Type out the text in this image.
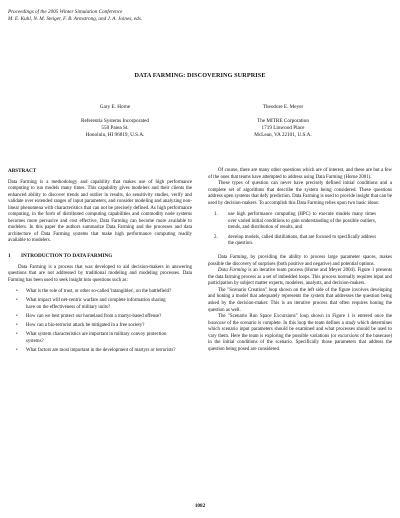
Proceedings of the 2005 Winter Simulation Conference
M. E. Kuhl, N. M. Steiger, F. B. Armstrong, and J. A. Joines, eds.
DATA FARMING: DISCOVERING SURPRISE
Gary E. Horne
Referentia Systems Incorporated
550 Paiea St.
Honolulu, HI 96819, U.S.A.
Theodore E. Meyer
The MITRE Corporation
1719 Linwood Place
McLean, VA 22101, U.S.A.

ABSTRACT

Data Farming is a methodology and capability that makes use of high performance computing to run models many times. This capability gives modelers and their clients the enhanced ability to discover trends and outlier in results, do sensitivity studies, verify and validate over extended ranges of input parameters, and consider modeling and analyzing non-linear phenomena with characteristics that can not be precisely defined. As high performance computing, in the form of distributed computing capabilities and commodity node systems becomes more pervasive and cost effective, Data Farming can become more available to modelers. In this paper the authors summarize Data Farming and the processes and data architecture of Data Farming systems that make high performance computing readily available to modelers.

1        INTRODUCTION TO DATA FARMING

Data Farming is a process that was developed to aid decision-makers in answering questions that are not addressed by traditional modeling and modeling processes. Data Farming has been used to seek insight into questions such as:

• What is the role of trust, or other so-called 'intangibles', on the battlefield?
• What impact will net-centric warfare and complete information sharing have on the effectiveness of military units?
• How can we best protect our homeland from a martyr-based offense?
• How can a bio-terrorist attack be mitigated in a free society?
• What system characteristics are important in military convoy protection systems?
• What factors are most important in the development of martyrs or terrorists?

Of course, there are many other questions which are of interest, and these are but a few of the ones that teams have attempted to address using Data Farming (Horne 2001).

These types of question can never have precisely defined initial conditions and a complete set of algorithms that describe the system being considered. These questions address open systems that defy prediction. Data Farming is used to provide insight that can be used by decision-makers. To accomplish this Data Farming relies upon two basic ideas:

1. use high performance computing (HPC) to execute models many times over varied initial conditions to gain understanding of the possible outliers, trends, and distribution of results, and
2. develop models, called distillations, that are focused to specifically address the question.

Data Farming, by providing the ability to process large parameter spaces, makes possible the discovery of surprises (both positive and negative) and potential options.

Data Farming is an iterative team process (Horne and Meyer 2004). Figure 1 presents the data farming process as a set of imbedded loops. This process normally requires input and participation by subject matter experts, modelers, analysts, and decision-makers.

The "Scenario Creation" loop shown on the left side of the figure involves developing and honing a model that adequately represents the system that addresses the question being asked by the decision-maker. This is an iterative process that often requires honing the question as well.

The "Scenario Run Space Excursions" loop shown in Figure 1 is entered once the basecase of the scenario is complete. In this loop the team defines a study which determines which scenario input parameters should be examined and what processes should be used to vary them. Here the team is exploring the possible variations (or excursions of the basecase) in the initial conditions of the scenario. Specifically those parameters that address the question being posed are considered.

1082
